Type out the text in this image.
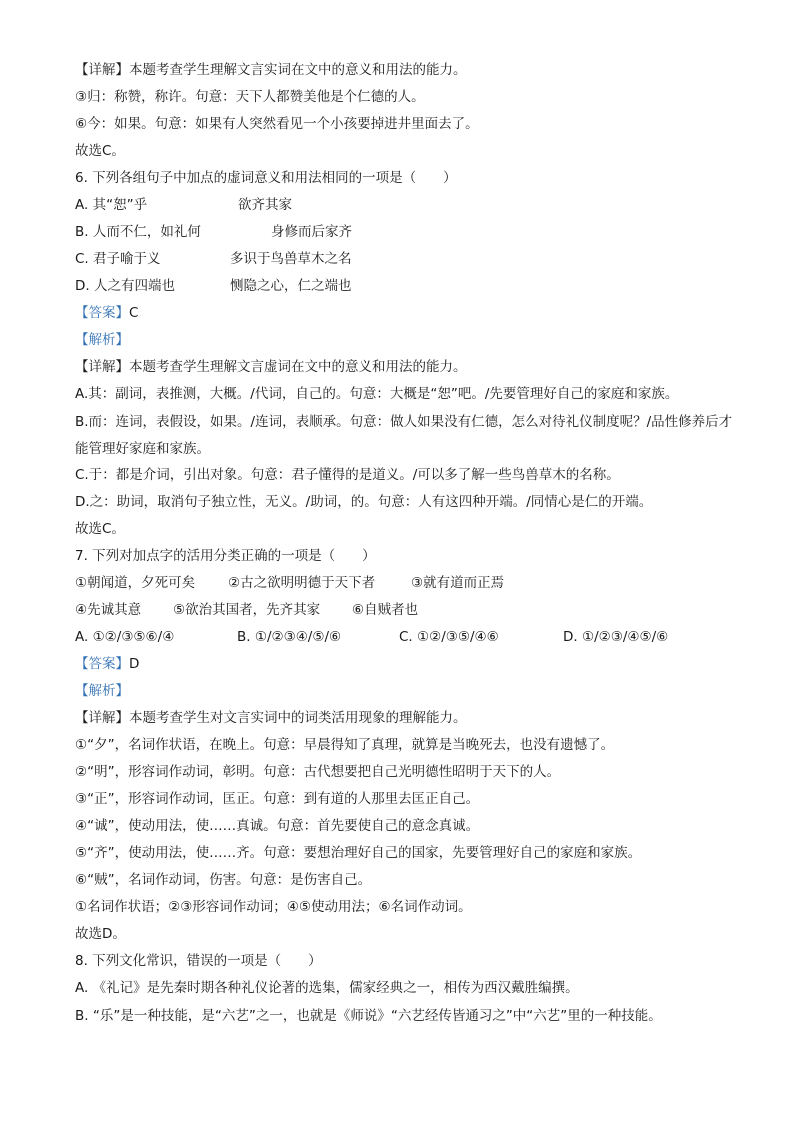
【详解】本题考查学生理解文言实词在文中的意义和用法的能力。
③归：称赞，称许。句意：天下人都赞美他是个仁德的人。
⑥今：如果。句意：如果有人突然看见一个小孩要掉进井里面去了。
故选C。
6. 下列各组句子中加点的虚词意义和用法相同的一项是（　　）
A. 其“恕”乎	欲齐其家
B. 人而不仁，如礼何	身修而后家齐
C. 君子喻于义	多识于鸟兽草木之名
D. 人之有四端也	恻隐之心，仁之端也
【答案】C
【解析】
【详解】本题考查学生理解文言虚词在文中的意义和用法的能力。
A.其：副词，表推测，大概。/代词，自己的。句意：大概是“恕”吧。/先要管理好自己的家庭和家族。
B.而：连词，表假设，如果。/连词，表顺承。句意：做人如果没有仁德，怎么对待礼仪制度呢？/品性修养后才能管理好家庭和家族。
C.于：都是介词，引出对象。句意：君子懂得的是道义。/可以多了解一些鸟兽草木的名称。
D.之：助词，取消句子独立性，无义。/助词，的。句意：人有这四种开端。/同情心是仁的开端。
故选C。
7. 下列对加点字的活用分类正确的一项是（　　）
①朝闻道，夕死可矣 ②古之欲明明德于天下者	③就有道而正焉
④先诚其意 ⑤欲治其国者，先齐其家 ⑥自贼者也
A. ①②/③⑤⑥/④	B. ①/②③④/⑤/⑥	C. ①②/③⑤/④⑥	D. ①/②③/④⑤/⑥
【答案】D
【解析】
【详解】本题考查学生对文言实词中的词类活用现象的理解能力。
①“夕”，名词作状语，在晚上。句意：早晨得知了真理，就算是当晚死去，也没有遗憾了。
②“明”，形容词作动词，彰明。句意：古代想要把自己光明德性昭明于天下的人。
③“正”，形容词作动词，匡正。句意：到有道的人那里去匡正自己。
④“诚”，使动用法，使……真诚。句意：首先要使自己的意念真诚。
⑤“齐”，使动用法，使……齐。句意：要想治理好自己的国家，先要管理好自己的家庭和家族。
⑥“贼”，名词作动词，伤害。句意：是伤害自己。
①名词作状语；②③形容词作动词；④⑤使动用法；⑥名词作动词。
故选D。
8. 下列文化常识，错误的一项是（　　）
A. 《礼记》是先秦时期各种礼仪论著的选集，儒家经典之一，相传为西汉戴胜编撰。
B. “乐”是一种技能，是“六艺”之一，也就是《师说》“六艺经传皆通习之”中“六艺”里的一种技能。
